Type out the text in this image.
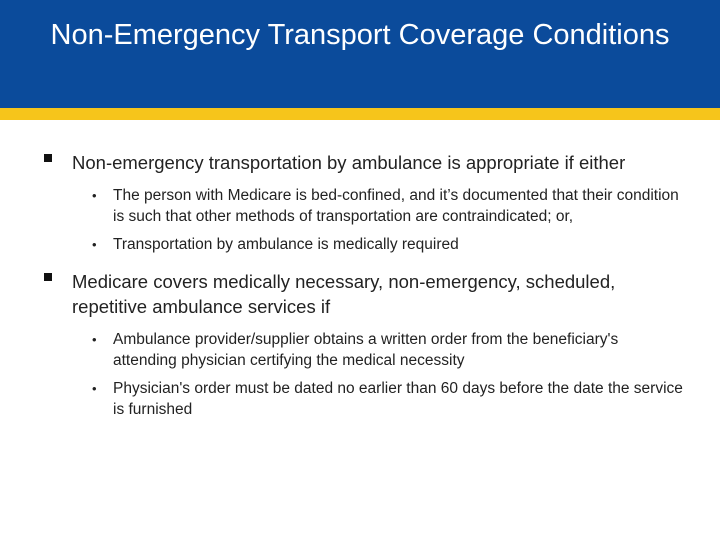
Non-Emergency Transport Coverage Conditions
Non-emergency transportation by ambulance is appropriate if either
• The person with Medicare is bed-confined, and it’s documented that their condition is such that other methods of transportation are contraindicated; or,
• Transportation by ambulance is medically required
Medicare covers medically necessary, non-emergency, scheduled, repetitive ambulance services if
• Ambulance provider/supplier obtains a written order from the beneficiary's attending physician certifying the medical necessity
• Physician's order must be dated no earlier than 60 days before the date the service is furnished
